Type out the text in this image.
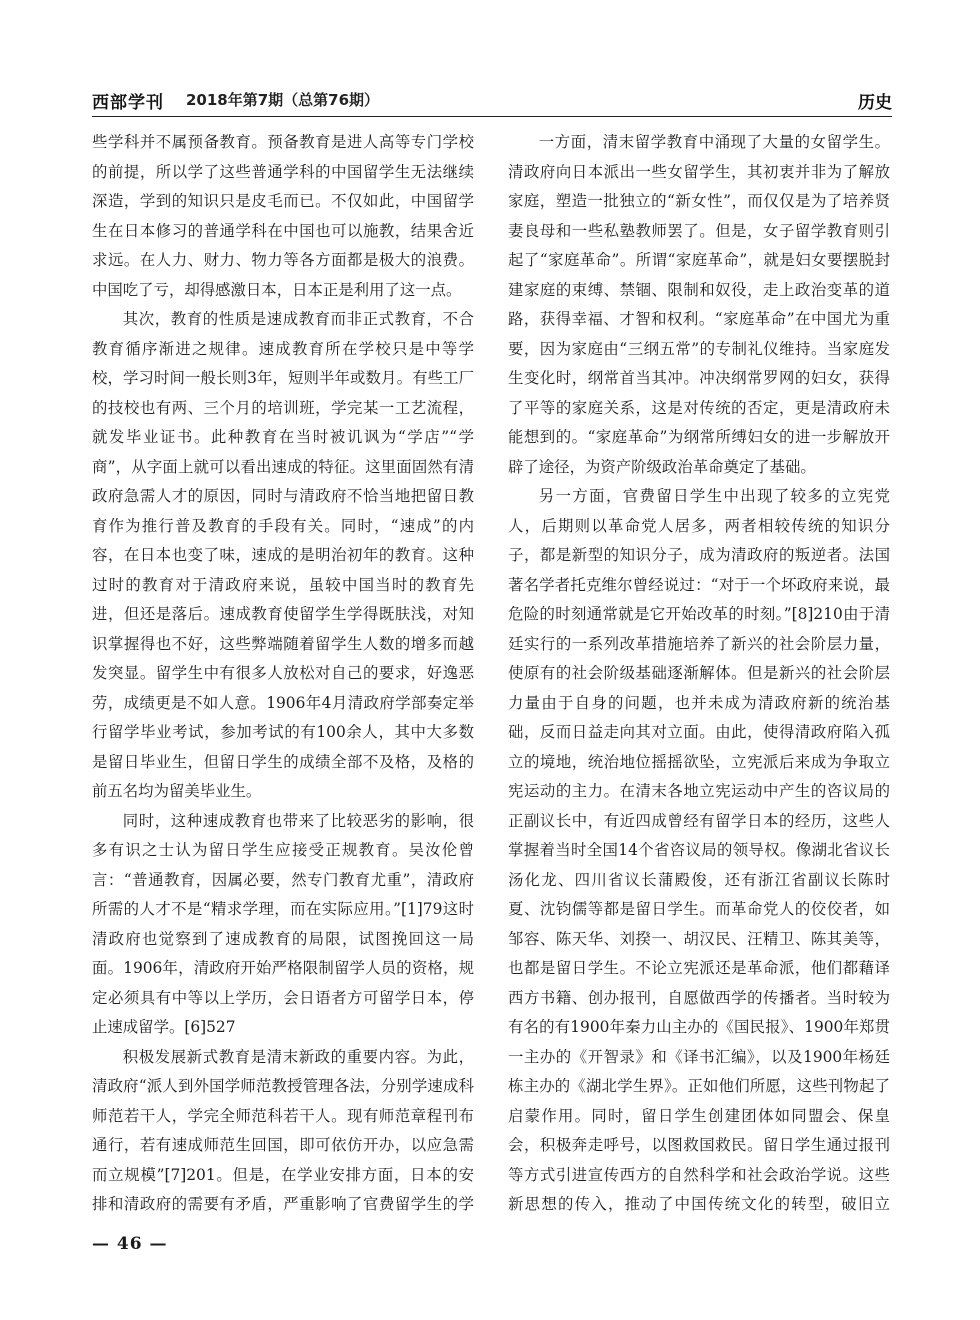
西部学刊 2018年第7期（总第76期）	历史

些学科并不属预备教育。预备教育是进人高等专门学校的前提，所以学了这些普通学科的中国留学生无法继续深造，学到的知识只是皮毛而已。不仅如此，中国留学生在日本修习的普通学科在中国也可以施教，结果舍近求远。在人力、财力、物力等各方面都是极大的浪费。中国吃了亏，却得感激日本，日本正是利用了这一点。

其次，教育的性质是速成教育而非正式教育，不合教育循序渐进之规律。速成教育所在学校只是中等学校，学习时间一般长则3年，短则半年或数月。有些工厂的技校也有两、三个月的培训班，学完某一工艺流程，就发毕业证书。此种教育在当时被讥讽为“学店”“学商”，从字面上就可以看出速成的特征。这里面固然有清政府急需人才的原因，同时与清政府不恰当地把留日教育作为推行普及教育的手段有关。同时，“速成”的内容，在日本也变了味，速成的是明治初年的教育。这种过时的教育对于清政府来说，虽较中国当时的教育先进，但还是落后。速成教育使留学生学得既肤浅，对知识掌握得也不好，这些弊端随着留学生人数的增多而越发突显。留学生中有很多人放松对自己的要求，好逸恶劳，成绩更是不如人意。1906年4月清政府学部奏定举行留学毕业考试，参加考试的有100余人，其中大多数是留日毕业生，但留日学生的成绩全部不及格，及格的前五名均为留美毕业生。

同时，这种速成教育也带来了比较恶劣的影响，很多有识之士认为留日学生应接受正规教育。吴汝伦曾言：“普通教育，因属必要，然专门教育尤重”，清政府所需的人才不是“精求学理，而在实际应用。”[1]79这时清政府也觉察到了速成教育的局限，试图挽回这一局面。1906年，清政府开始严格限制留学人员的资格，规定必须具有中等以上学历，会日语者方可留学日本，停止速成留学。[6]527

积极发展新式教育是清末新政的重要内容。为此，清政府“派人到外国学师范教授管理各法，分别学速成科师范若干人，学完全师范科若干人。现有师范章程刊布通行，若有速成师范生回国，即可依仿开办，以应急需而立规模”[7]201。但是，在学业安排方面，日本的安排和清政府的需要有矛盾，严重影响了官费留学生的学

一方面，清末留学教育中涌现了大量的女留学生。清政府向日本派出一些女留学生，其初衷并非为了解放家庭，塑造一批独立的“新女性”，而仅仅是为了培养贤妻良母和一些私塾教师罢了。但是，女子留学教育则引起了“家庭革命”。所谓“家庭革命”，就是妇女要摆脱封建家庭的束缚、禁锢、限制和奴役，走上政治变革的道路，获得幸福、才智和权利。“家庭革命”在中国尤为重要，因为家庭由“三纲五常”的专制礼仪维持。当家庭发生变化时，纲常首当其冲。冲决纲常罗网的妇女，获得了平等的家庭关系，这是对传统的否定，更是清政府未能想到的。“家庭革命”为纲常所缚妇女的进一步解放开辟了途径，为资产阶级政治革命奠定了基础。

另一方面，官费留日学生中出现了较多的立宪党人，后期则以革命党人居多，两者相较传统的知识分子，都是新型的知识分子，成为清政府的叛逆者。法国著名学者托克维尔曾经说过：“对于一个坏政府来说，最危险的时刻通常就是它开始改革的时刻。”[8]210由于清廷实行的一系列改革措施培养了新兴的社会阶层力量，使原有的社会阶级基础逐渐解体。但是新兴的社会阶层力量由于自身的问题，也并未成为清政府新的统治基础，反而日益走向其对立面。由此，使得清政府陷入孤立的境地，统治地位摇摇欲坠，立宪派后来成为争取立宪运动的主力。在清末各地立宪运动中产生的咨议局的正副议长中，有近四成曾经有留学日本的经历，这些人掌握着当时全国14个省咨议局的领导权。像湖北省议长汤化龙、四川省议长蒲殿俊，还有浙江省副议长陈时夏、沈钧儒等都是留日学生。而革命党人的佼佼者，如邹容、陈天华、刘揆一、胡汉民、汪精卫、陈其美等，也都是留日学生。不论立宪派还是革命派，他们都藉译西方书籍、创办报刊，自愿做西学的传播者。当时较为有名的有1900年秦力山主办的《国民报》、1900年郑贯一主办的《开智录》和《译书汇编》，以及1900年杨廷栋主办的《湖北学生界》。正如他们所愿，这些刊物起了启蒙作用。同时，留日学生创建团体如同盟会、保皇会，积极奔走呼号，以图救国救民。留日学生通过报刊等方式引进宣传西方的自然科学和社会政治学说。这些新思想的传入，推动了中国传统文化的转型，破旧立

— 46 —
